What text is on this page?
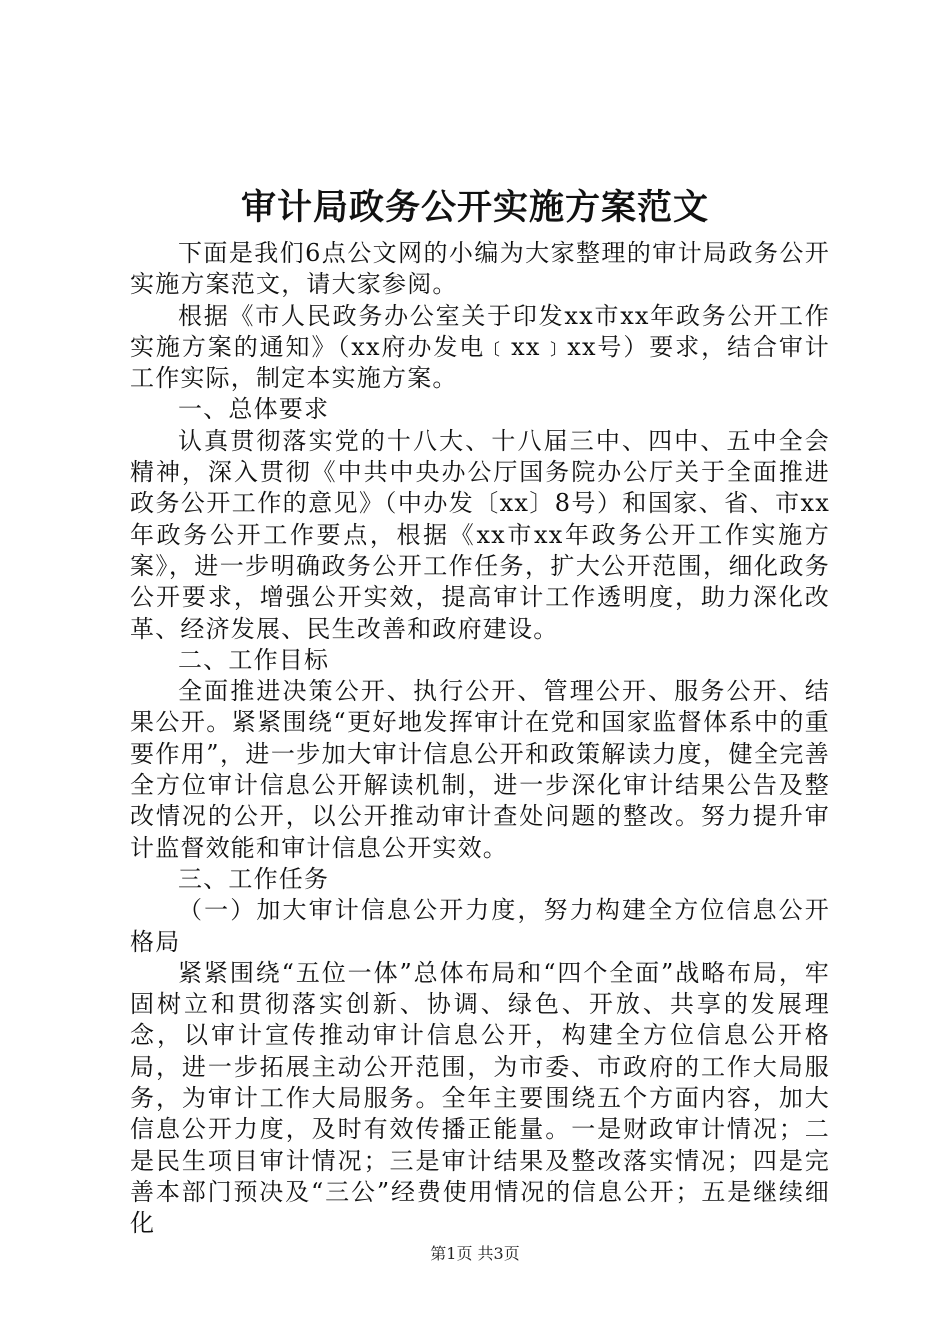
审计局政务公开实施方案范文

下面是我们6点公文网的小编为大家整理的审计局政务公开实施方案范文，请大家参阅。

根据《市人民政务办公室关于印发xx市xx年政务公开工作实施方案的通知》（xx府办发电﹝xx﹞xx号）要求，结合审计工作实际，制定本实施方案。

一、总体要求

认真贯彻落实党的十八大、十八届三中、四中、五中全会精神，深入贯彻《中共中央办公厅国务院办公厅关于全面推进政务公开工作的意见》（中办发〔xx〕8号）和国家、省、市xx年政务公开工作要点，根据《xx市xx年政务公开工作实施方案》，进一步明确政务公开工作任务，扩大公开范围，细化政务公开要求，增强公开实效，提高审计工作透明度，助力深化改革、经济发展、民生改善和政府建设。

二、工作目标

全面推进决策公开、执行公开、管理公开、服务公开、结果公开。紧紧围绕“更好地发挥审计在党和国家监督体系中的重要作用”，进一步加大审计信息公开和政策解读力度，健全完善全方位审计信息公开解读机制，进一步深化审计结果公告及整改情况的公开，以公开推动审计查处问题的整改。努力提升审计监督效能和审计信息公开实效。

三、工作任务

（一）加大审计信息公开力度，努力构建全方位信息公开格局

紧紧围绕“五位一体”总体布局和“四个全面”战略布局，牢固树立和贯彻落实创新、协调、绿色、开放、共享的发展理念，以审计宣传推动审计信息公开，构建全方位信息公开格局，进一步拓展主动公开范围，为市委、市政府的工作大局服务，为审计工作大局服务。全年主要围绕五个方面内容，加大信息公开力度，及时有效传播正能量。一是财政审计情况；二是民生项目审计情况；三是审计结果及整改落实情况；四是完善本部门预决及“三公”经费使用情况的信息公开；五是继续细化

第1页 共3页
